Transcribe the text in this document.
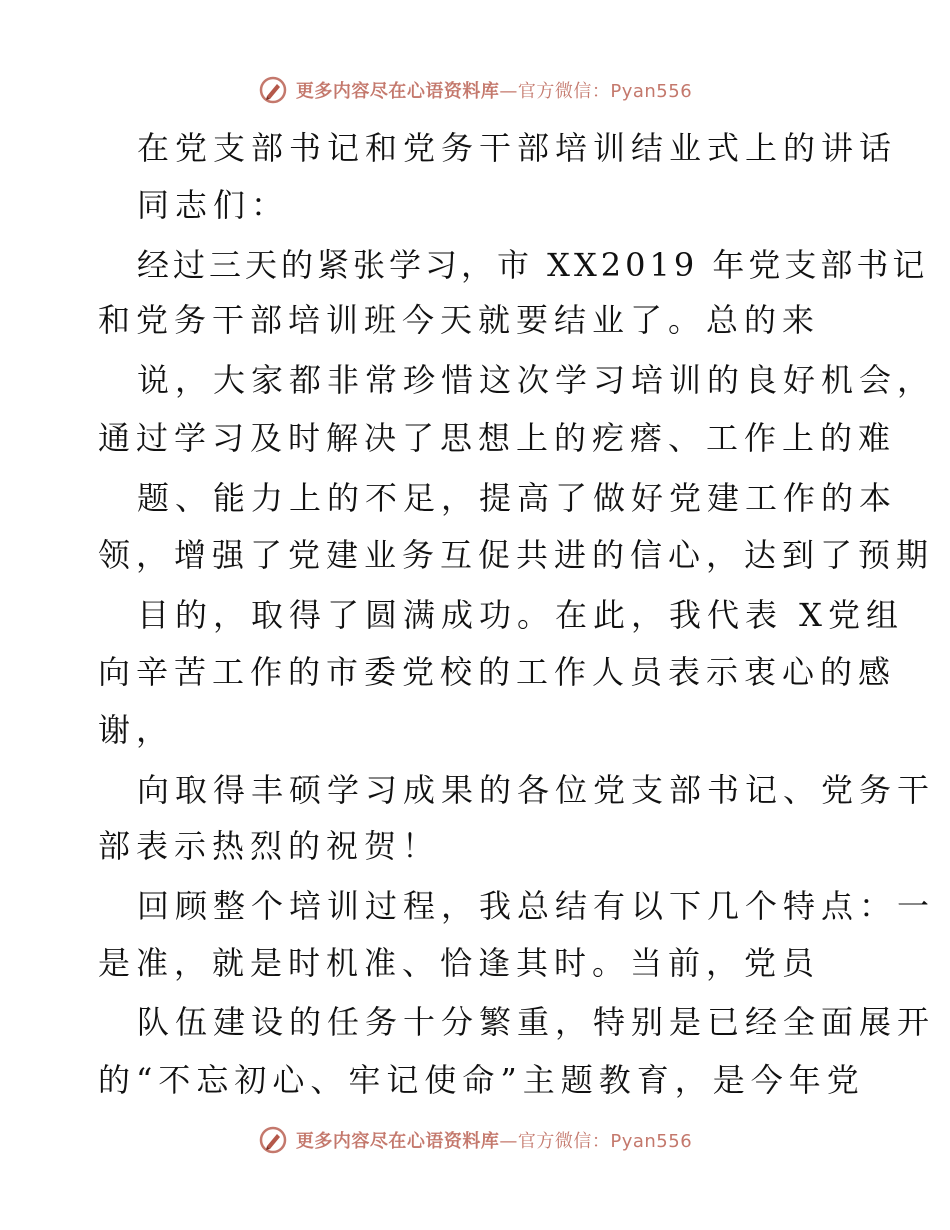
更多内容尽在心语资料库—官方微信：Pyan556
在党支部书记和党务干部培训结业式上的讲话
同志们：
经过三天的紧张学习，市 XX2019 年党支部书记
和党务干部培训班今天就要结业了。总的来
说，大家都非常珍惜这次学习培训的良好机会，
通过学习及时解决了思想上的疙瘩、工作上的难
题、能力上的不足，提高了做好党建工作的本
领，增强了党建业务互促共进的信心，达到了预期
目的，取得了圆满成功。在此，我代表 X党组
向辛苦工作的市委党校的工作人员表示衷心的感
谢，
向取得丰硕学习成果的各位党支部书记、党务干
部表示热烈的祝贺！
回顾整个培训过程，我总结有以下几个特点：一
是准，就是时机准、恰逢其时。当前，党员
队伍建设的任务十分繁重，特别是已经全面展开
的“不忘初心、牢记使命”主题教育，是今年党
更多内容尽在心语资料库—官方微信：Pyan556
